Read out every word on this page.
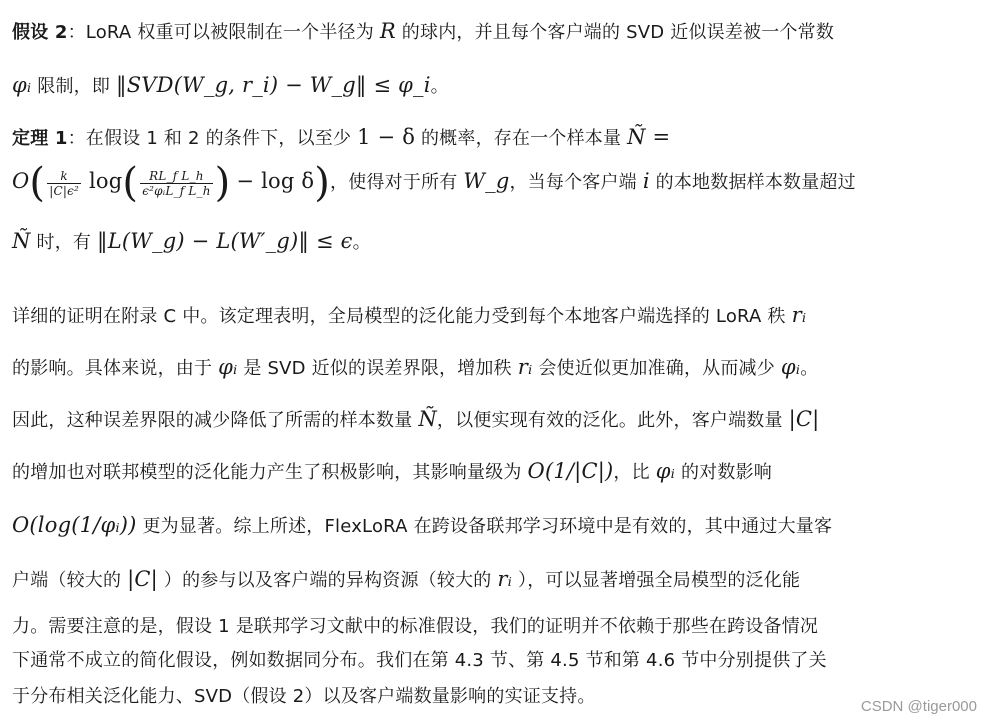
假设 2：LoRA 权重可以被限制在一个半径为 R 的球内，并且每个客户端的 SVD 近似误差被一个常数
φᵢ 限制，即 ‖SVD(W_g, r_i) − W_g‖ ≤ φ_i。
定理 1：在假设 1 和 2 的条件下，以至少 1 − δ 的概率，存在一个样本量 Ñ =
$O( \frac{k}{\text{|C|ϵ²}} \log( \frac{\text{RL\_f L\_h}}{\text{ϵ²φᵢL\_f L\_h}}$ ) − log δ)，使得对于所有 W_g，当每个客户端 i 的本地数据样本数量超过
Ñ 时，有 ‖L(W_g) − L(W′_g)‖ ≤ ϵ。
详细的证明在附录 C 中。该定理表明，全局模型的泛化能力受到每个本地客户端选择的 LoRA 秩 rᵢ
的影响。具体来说，由于 φᵢ 是 SVD 近似的误差界限，增加秩 rᵢ 会使近似更加准确，从而减少 φᵢ。
因此，这种误差界限的减少降低了所需的样本数量 Ñ，以便实现有效的泛化。此外，客户端数量 |C|
的增加也对联邦模型的泛化能力产生了积极影响，其影响量级为 O(1/|C|)，比 φᵢ 的对数影响
O(log(1/φᵢ)) 更为显著。综上所述，FlexLoRA 在跨设备联邦学习环境中是有效的，其中通过大量客
户端（较大的 |C| ）的参与以及客户端的异构资源（较大的 rᵢ ），可以显著增强全局模型的泛化能
力。需要注意的是，假设 1 是联邦学习文献中的标准假设，我们的证明并不依赖于那些在跨设备情况
下通常不成立的简化假设，例如数据同分布。我们在第 4.3 节、第 4.5 节和第 4.6 节中分别提供了关
于分布相关泛化能力、SVD（假设 2）以及客户端数量影响的实证支持。	CSDN @tiger000
